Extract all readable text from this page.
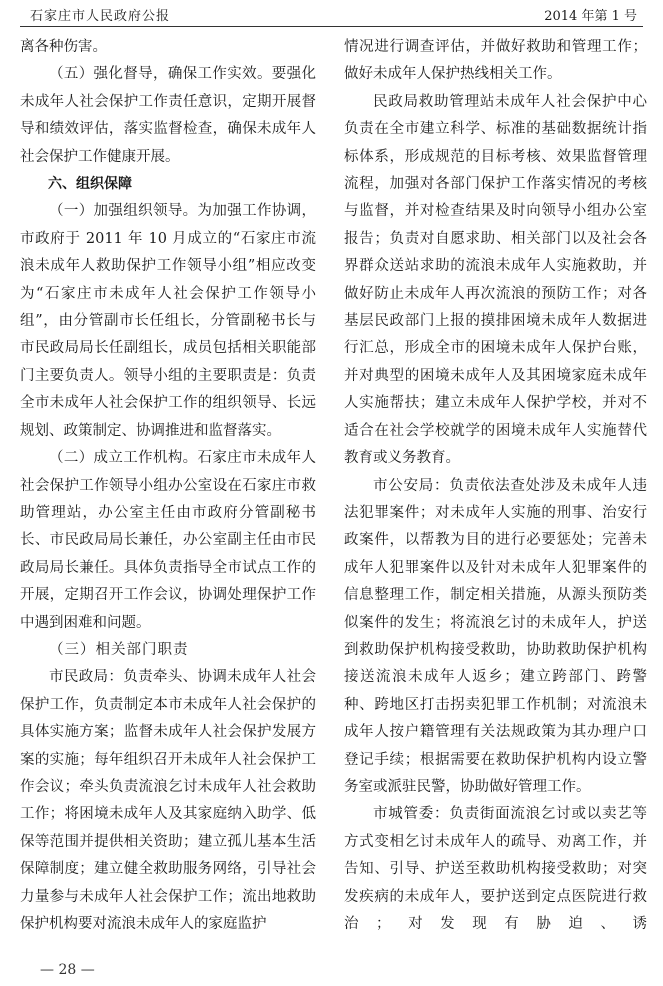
石家庄市人民政府公报	2014 年第 1 号

离各种伤害。

（五）强化督导，确保工作实效。要强化未成年人社会保护工作责任意识，定期开展督导和绩效评估，落实监督检查，确保未成年人社会保护工作健康开展。

六、组织保障

（一）加强组织领导。为加强工作协调，市政府于 2011 年 10 月成立的“石家庄市流浪未成年人救助保护工作领导小组”相应改变为“石家庄市未成年人社会保护工作领导小组”，由分管副市长任组长，分管副秘书长与市民政局局长任副组长，成员包括相关职能部门主要负责人。领导小组的主要职责是：负责全市未成年人社会保护工作的组织领导、长远规划、政策制定、协调推进和监督落实。

（二）成立工作机构。石家庄市未成年人社会保护工作领导小组办公室设在石家庄市救助管理站，办公室主任由市政府分管副秘书长、市民政局局长兼任，办公室副主任由市民政局局长兼任。具体负责指导全市试点工作的开展，定期召开工作会议，协调处理保护工作中遇到困难和问题。

（三）相关部门职责

市民政局：负责牵头、协调未成年人社会保护工作，负责制定本市未成年人社会保护的具体实施方案；监督未成年人社会保护发展方案的实施；每年组织召开未成年人社会保护工作会议；牵头负责流浪乞讨未成年人社会救助工作；将困境未成年人及其家庭纳入助学、低保等范围并提供相关资助；建立孤儿基本生活保障制度；建立健全救助服务网络，引导社会力量参与未成年人社会保护工作；流出地救助保护机构要对流浪未成年人的家庭监护

情况进行调查评估，并做好救助和管理工作；做好未成年人保护热线相关工作。

民政局救助管理站未成年人社会保护中心负责在全市建立科学、标准的基础数据统计指标体系，形成规范的目标考核、效果监督管理流程，加强对各部门保护工作落实情况的考核与监督，并对检查结果及时向领导小组办公室报告；负责对自愿求助、相关部门以及社会各界群众送站求助的流浪未成年人实施救助，并做好防止未成年人再次流浪的预防工作；对各基层民政部门上报的摸排困境未成年人数据进行汇总，形成全市的困境未成年人保护台账，并对典型的困境未成年人及其困境家庭未成年人实施帮扶；建立未成年人保护学校，并对不适合在社会学校就学的困境未成年人实施替代教育或义务教育。

市公安局：负责依法查处涉及未成年人违法犯罪案件；对未成年人实施的刑事、治安行政案件，以帮教为目的进行必要惩处；完善未成年人犯罪案件以及针对未成年人犯罪案件的信息整理工作，制定相关措施，从源头预防类似案件的发生；将流浪乞讨的未成年人，护送到救助保护机构接受救助，协助救助保护机构接送流浪未成年人返乡；建立跨部门、跨警种、跨地区打击拐卖犯罪工作机制；对流浪未成年人按户籍管理有关法规政策为其办理户口登记手续；根据需要在救助保护机构内设立警务室或派驻民警，协助做好管理工作。

市城管委：负责街面流浪乞讨或以卖艺等方式变相乞讨未成年人的疏导、劝离工作，并告知、引导、护送至救助机构接受救助；对突发疾病的未成年人，要护送到定点医院进行救治；对发现有胁迫、诱

— 28 —
